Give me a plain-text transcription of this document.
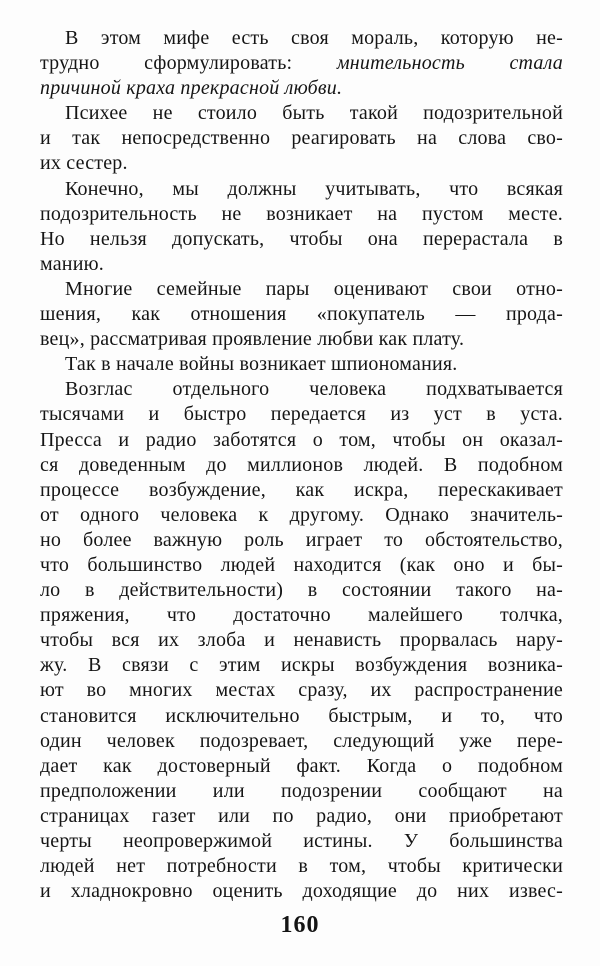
В этом мифе есть своя мораль, которую не-
трудно сформулировать: мнительность стала
причиной краха прекрасной любви.
Психее не стоило быть такой подозрительной
и так непосредственно реагировать на слова сво-
их сестер.
Конечно, мы должны учитывать, что всякая
подозрительность не возникает на пустом месте.
Но нельзя допускать, чтобы она перерастала в
манию.
Многие семейные пары оценивают свои отно-
шения, как отношения «покупатель — прода-
вец», рассматривая проявление любви как плату.
Так в начале войны возникает шпиономания.
Возглас отдельного человека подхватывается
тысячами и быстро передается из уст в уста.
Пресса и радио заботятся о том, чтобы он оказал-
ся доведенным до миллионов людей. В подобном
процессе возбуждение, как искра, перескакивает
от одного человека к другому. Однако значитель-
но более важную роль играет то обстоятельство,
что большинство людей находится (как оно и бы-
ло в действительности) в состоянии такого на-
пряжения, что достаточно малейшего толчка,
чтобы вся их злоба и ненависть прорвалась нару-
жу. В связи с этим искры возбуждения возника-
ют во многих местах сразу, их распространение
становится исключительно быстрым, и то, что
один человек подозревает, следующий уже пере-
дает как достоверный факт. Когда о подобном
предположении или подозрении сообщают на
страницах газет или по радио, они приобретают
черты неопровержимой истины. У большинства
людей нет потребности в том, чтобы критически
и хладнокровно оценить доходящие до них извес-
160
